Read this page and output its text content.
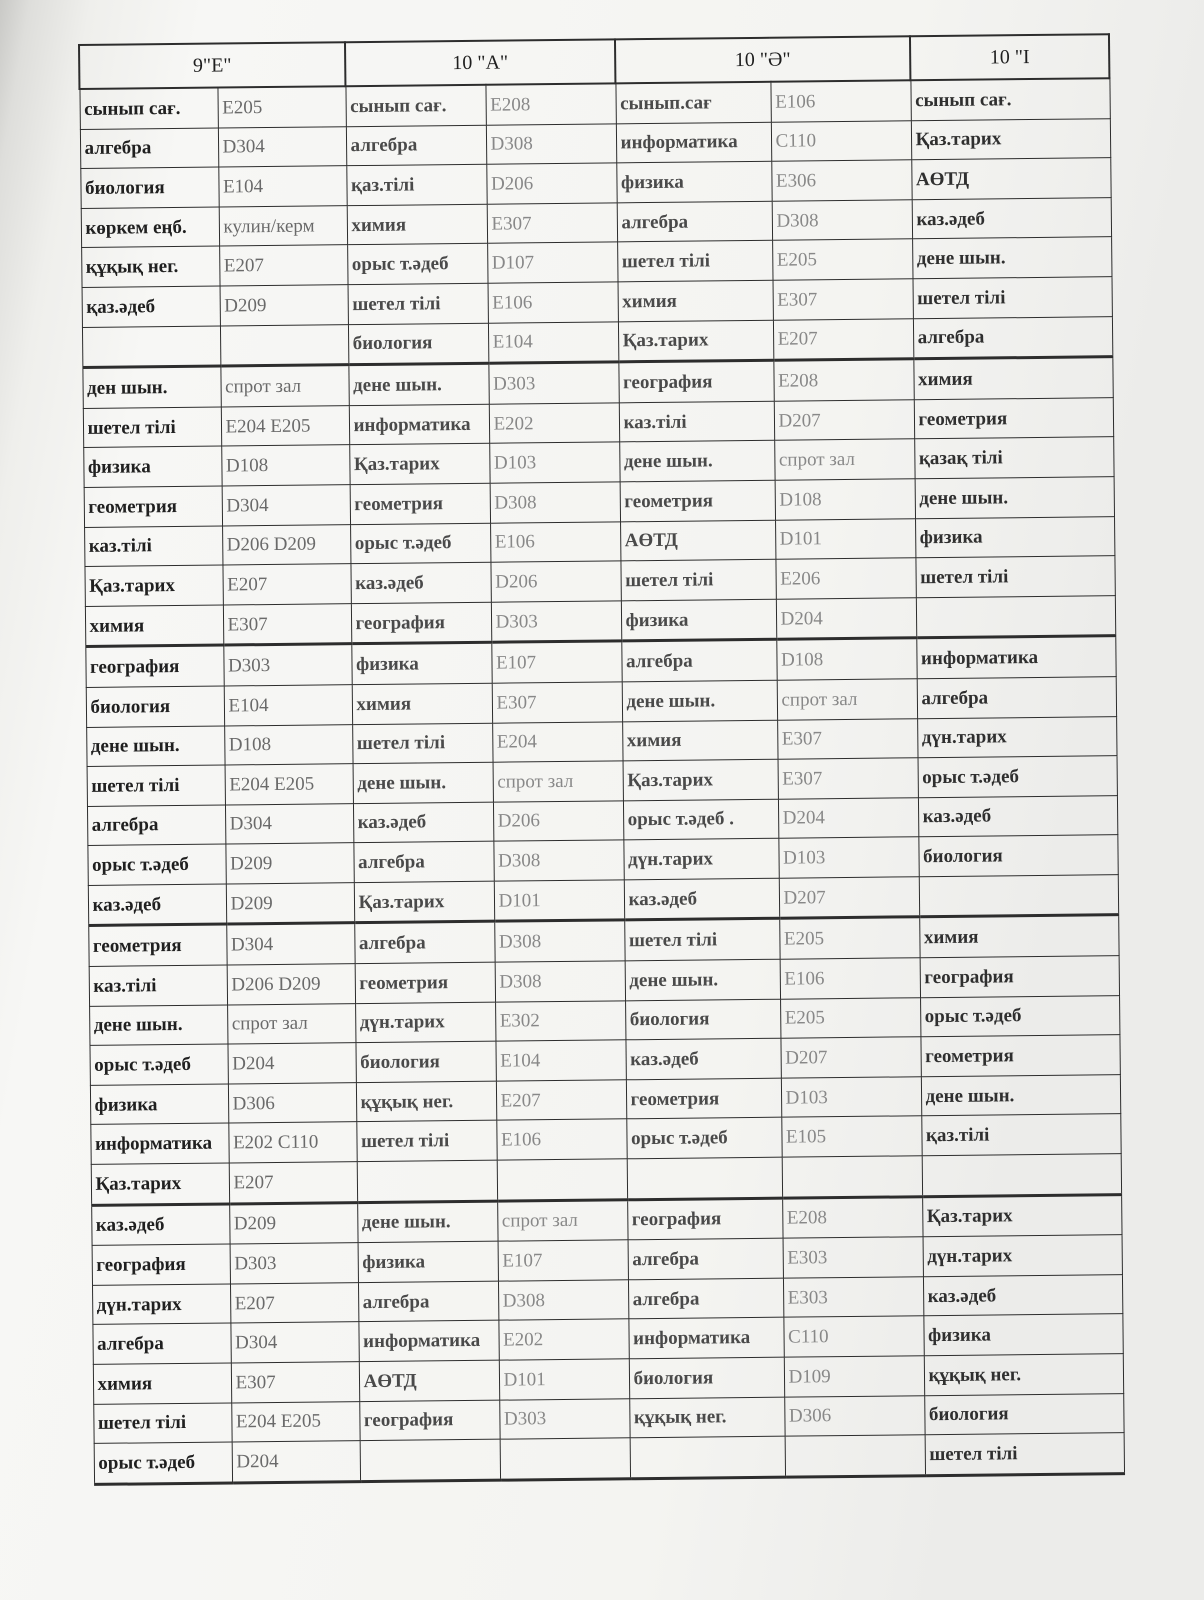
9"Е"		10 "А"		10 "Ә"		10 "І
сынып сағ.	Е205	сынып сағ.	Е208	сынып.сағ	Е106	сынып сағ.
алгебра	D304	алгебра	D308	информатика	С110	Қаз.тарих
биология	Е104	қаз.тілі	D206	физика	Е306	АӨТД
көркем еңб.	кулин/керм	химия	Е307	алгебра	D308	каз.әдеб
құқық нег.	Е207	орыс т.әдеб	D107	шетел тілі	Е205	дене шын.
қаз.әдеб	D209	шетел тілі	Е106	химия	Е307	шетел тілі
		биология	Е104	Қаз.тарих	Е207	алгебра
ден шын.	спрот зал	дене шын.	D303	география	Е208	химия
шетел тілі	Е204 Е205	информатика	Е202	каз.тілі	D207	геометрия
физика	D108	Қаз.тарих	D103	дене шын.	спрот зал	қазақ тілі
геометрия	D304	геометрия	D308	геометрия	D108	дене шын.
каз.тілі	D206 D209	орыс т.әдеб	Е106	АӨТД	D101	физика
Қаз.тарих	Е207	каз.әдеб	D206	шетел тілі	Е206	шетел тілі
химия	Е307	география	D303	физика	D204	
география	D303	физика	Е107	алгебра	D108	информатика
биология	Е104	химия	Е307	дене шын.	спрот зал	алгебра
дене шын.	D108	шетел тілі	Е204	химия	Е307	дүн.тарих
шетел тілі	Е204 Е205	дене шын.	спрот зал	Қаз.тарих	Е307	орыс т.әдеб
алгебра	D304	каз.әдеб	D206	орыс т.әдеб .	D204	каз.әдеб
орыс т.әдеб	D209	алгебра	D308	дүн.тарих	D103	биология
каз.әдеб	D209	Қаз.тарих	D101	каз.әдеб	D207	
геометрия	D304	алгебра	D308	шетел тілі	Е205	химия
каз.тілі	D206 D209	геометрия	D308	дене шын.	Е106	география
дене шын.	спрот зал	дүн.тарих	Е302	биология	Е205	орыс т.әдеб
орыс т.әдеб	D204	биология	Е104	каз.әдеб	D207	геометрия
физика	D306	құқық нег.	Е207	геометрия	D103	дене шын.
информатика	Е202 С110	шетел тілі	Е106	орыс т.әдеб	Е105	қаз.тілі
Қаз.тарих	Е207					
каз.әдеб	D209	дене шын.	спрот зал	география	Е208	Қаз.тарих
география	D303	физика	Е107	алгебра	Е303	дүн.тарих
дүн.тарих	Е207	алгебра	D308	алгебра	Е303	каз.әдеб
алгебра	D304	информатика	Е202	информатика	С110	физика
химия	Е307	АӨТД	D101	биология	D109	құқық нег.
шетел тілі	Е204 Е205	география	D303	құқық нег.	D306	биология
орыс т.әдеб	D204					шетел тілі
